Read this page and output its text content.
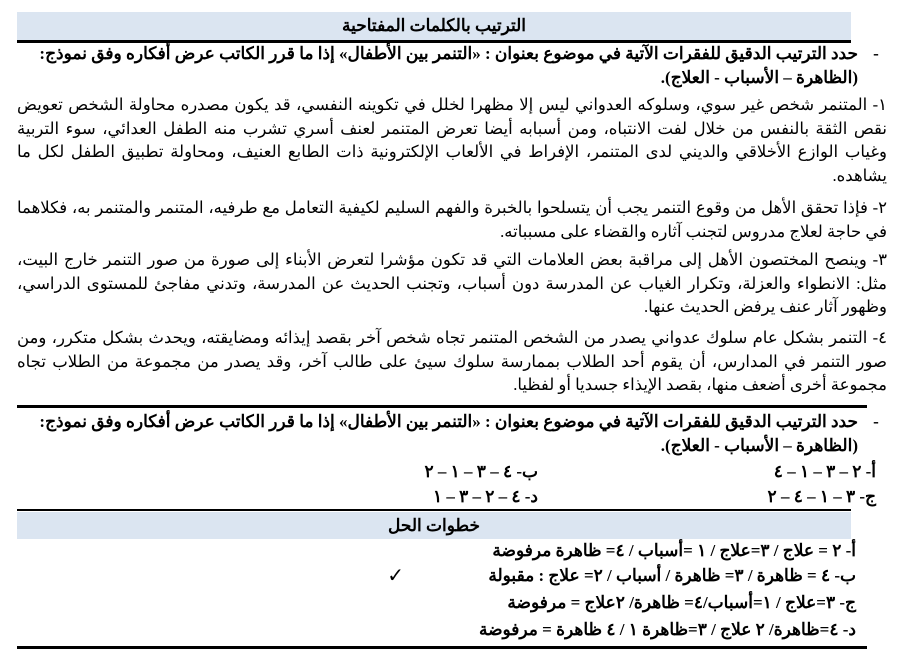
الترتيب بالكلمات المفتاحية
-
حدد الترتيب الدقيق للفقرات الآتية في موضوع بعنوان : «التنمر بين الأطفال» إذا ما قرر الكاتب عرض أفكاره وفق نموذج:
(الظاهرة – الأسباب - العلاج).
١- المتنمر شخص غير سوي، وسلوكه العدواني ليس إلا مظهرا لخلل في تكوينه النفسي، قد يكون مصدره محاولة الشخص تعويض نقص الثقة بالنفس من خلال لفت الانتباه، ومن أسبابه أيضا تعرض المتنمر لعنف أسري تشرب منه الطفل العدائي، سوء التربية وغياب الوازع الأخلاقي والديني لدى المتنمر، الإفراط في الألعاب الإلكترونية ذات الطابع العنيف، ومحاولة تطبيق الطفل لكل ما يشاهده.
٢- فإذا تحقق الأهل من وقوع التنمر يجب أن يتسلحوا بالخبرة والفهم السليم لكيفية التعامل مع طرفيه، المتنمر والمتنمر به، فكلاهما في حاجة لعلاج مدروس لتجنب آثاره والقضاء على مسبباته.
٣- وينصح المختصون الأهل إلى مراقبة بعض العلامات التي قد تكون مؤشرا لتعرض الأبناء إلى صورة من صور التنمر خارج البيت، مثل: الانطواء والعزلة، وتكرار الغياب عن المدرسة دون أسباب، وتجنب الحديث عن المدرسة، وتدني مفاجئ للمستوى الدراسي، وظهور آثار عنف يرفض الحديث عنها.
٤- التنمر بشكل عام سلوك عدواني يصدر من الشخص المتنمر تجاه شخص آخر بقصد إيذائه ومضايقته، ويحدث بشكل متكرر، ومن صور التنمر في المدارس، أن يقوم أحد الطلاب بممارسة سلوك سيئ على طالب آخر، وقد يصدر من مجموعة من الطلاب تجاه مجموعة أخرى أضعف منها، بقصد الإيذاء جسديا أو لفظيا.
-
حدد الترتيب الدقيق للفقرات الآتية في موضوع بعنوان : «التنمر بين الأطفال» إذا ما قرر الكاتب عرض أفكاره وفق نموذج:
(الظاهرة – الأسباب - العلاج).
أ- ٢ – ٣ – ١ – ٤
ب- ٤ – ٣ – ١ – ٢
ج- ٣ – ١ – ٤ – ٢
د- ٤ – ٢ – ٣ – ١
خطوات الحل
أ- ٢ = علاج / ٣=علاج / ١ =أسباب / ٤= ظاهرة مرفوضة
ب- ٤ = ظاهرة / ٣= ظاهرة / أسباب / ٢= علاج : مقبولة
✓
ج- ٣=علاج / ١=أسباب/٤= ظاهرة/ ٢علاج = مرفوضة
د- ٤=ظاهرة/ ٢ علاج / ٣=ظاهرة ١ / ٤ ظاهرة = مرفوضة
